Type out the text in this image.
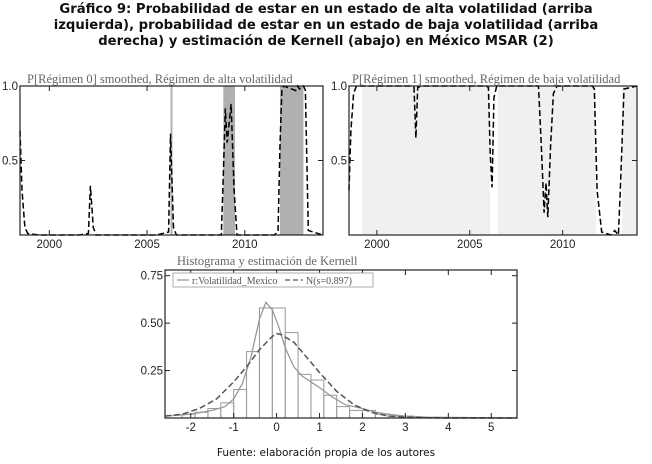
Gráfico 9: Probabilidad de estar en un estado de alta volatilidad (arriba
izquierda), probabilidad de estar en un estado de baja volatilidad (arriba
derecha) y estimación de Kernell (abajo) en México MSAR (2)
P[Régimen 0] smoothed, Régimen de alta volatilidad
2000	2005	2010
0.5
1.0
P[Régimen 1] smoothed, Régimen de baja volatilidad
2000	2005	2010
0.5
1.0
Histograma y estimación de Kernell
-2	-1	0	1	2	3	4	5
0.25
0.50
0.75	r:Volatilidad_Mexico	N(s=0.897)
Fuente: elaboración propia de los autores
